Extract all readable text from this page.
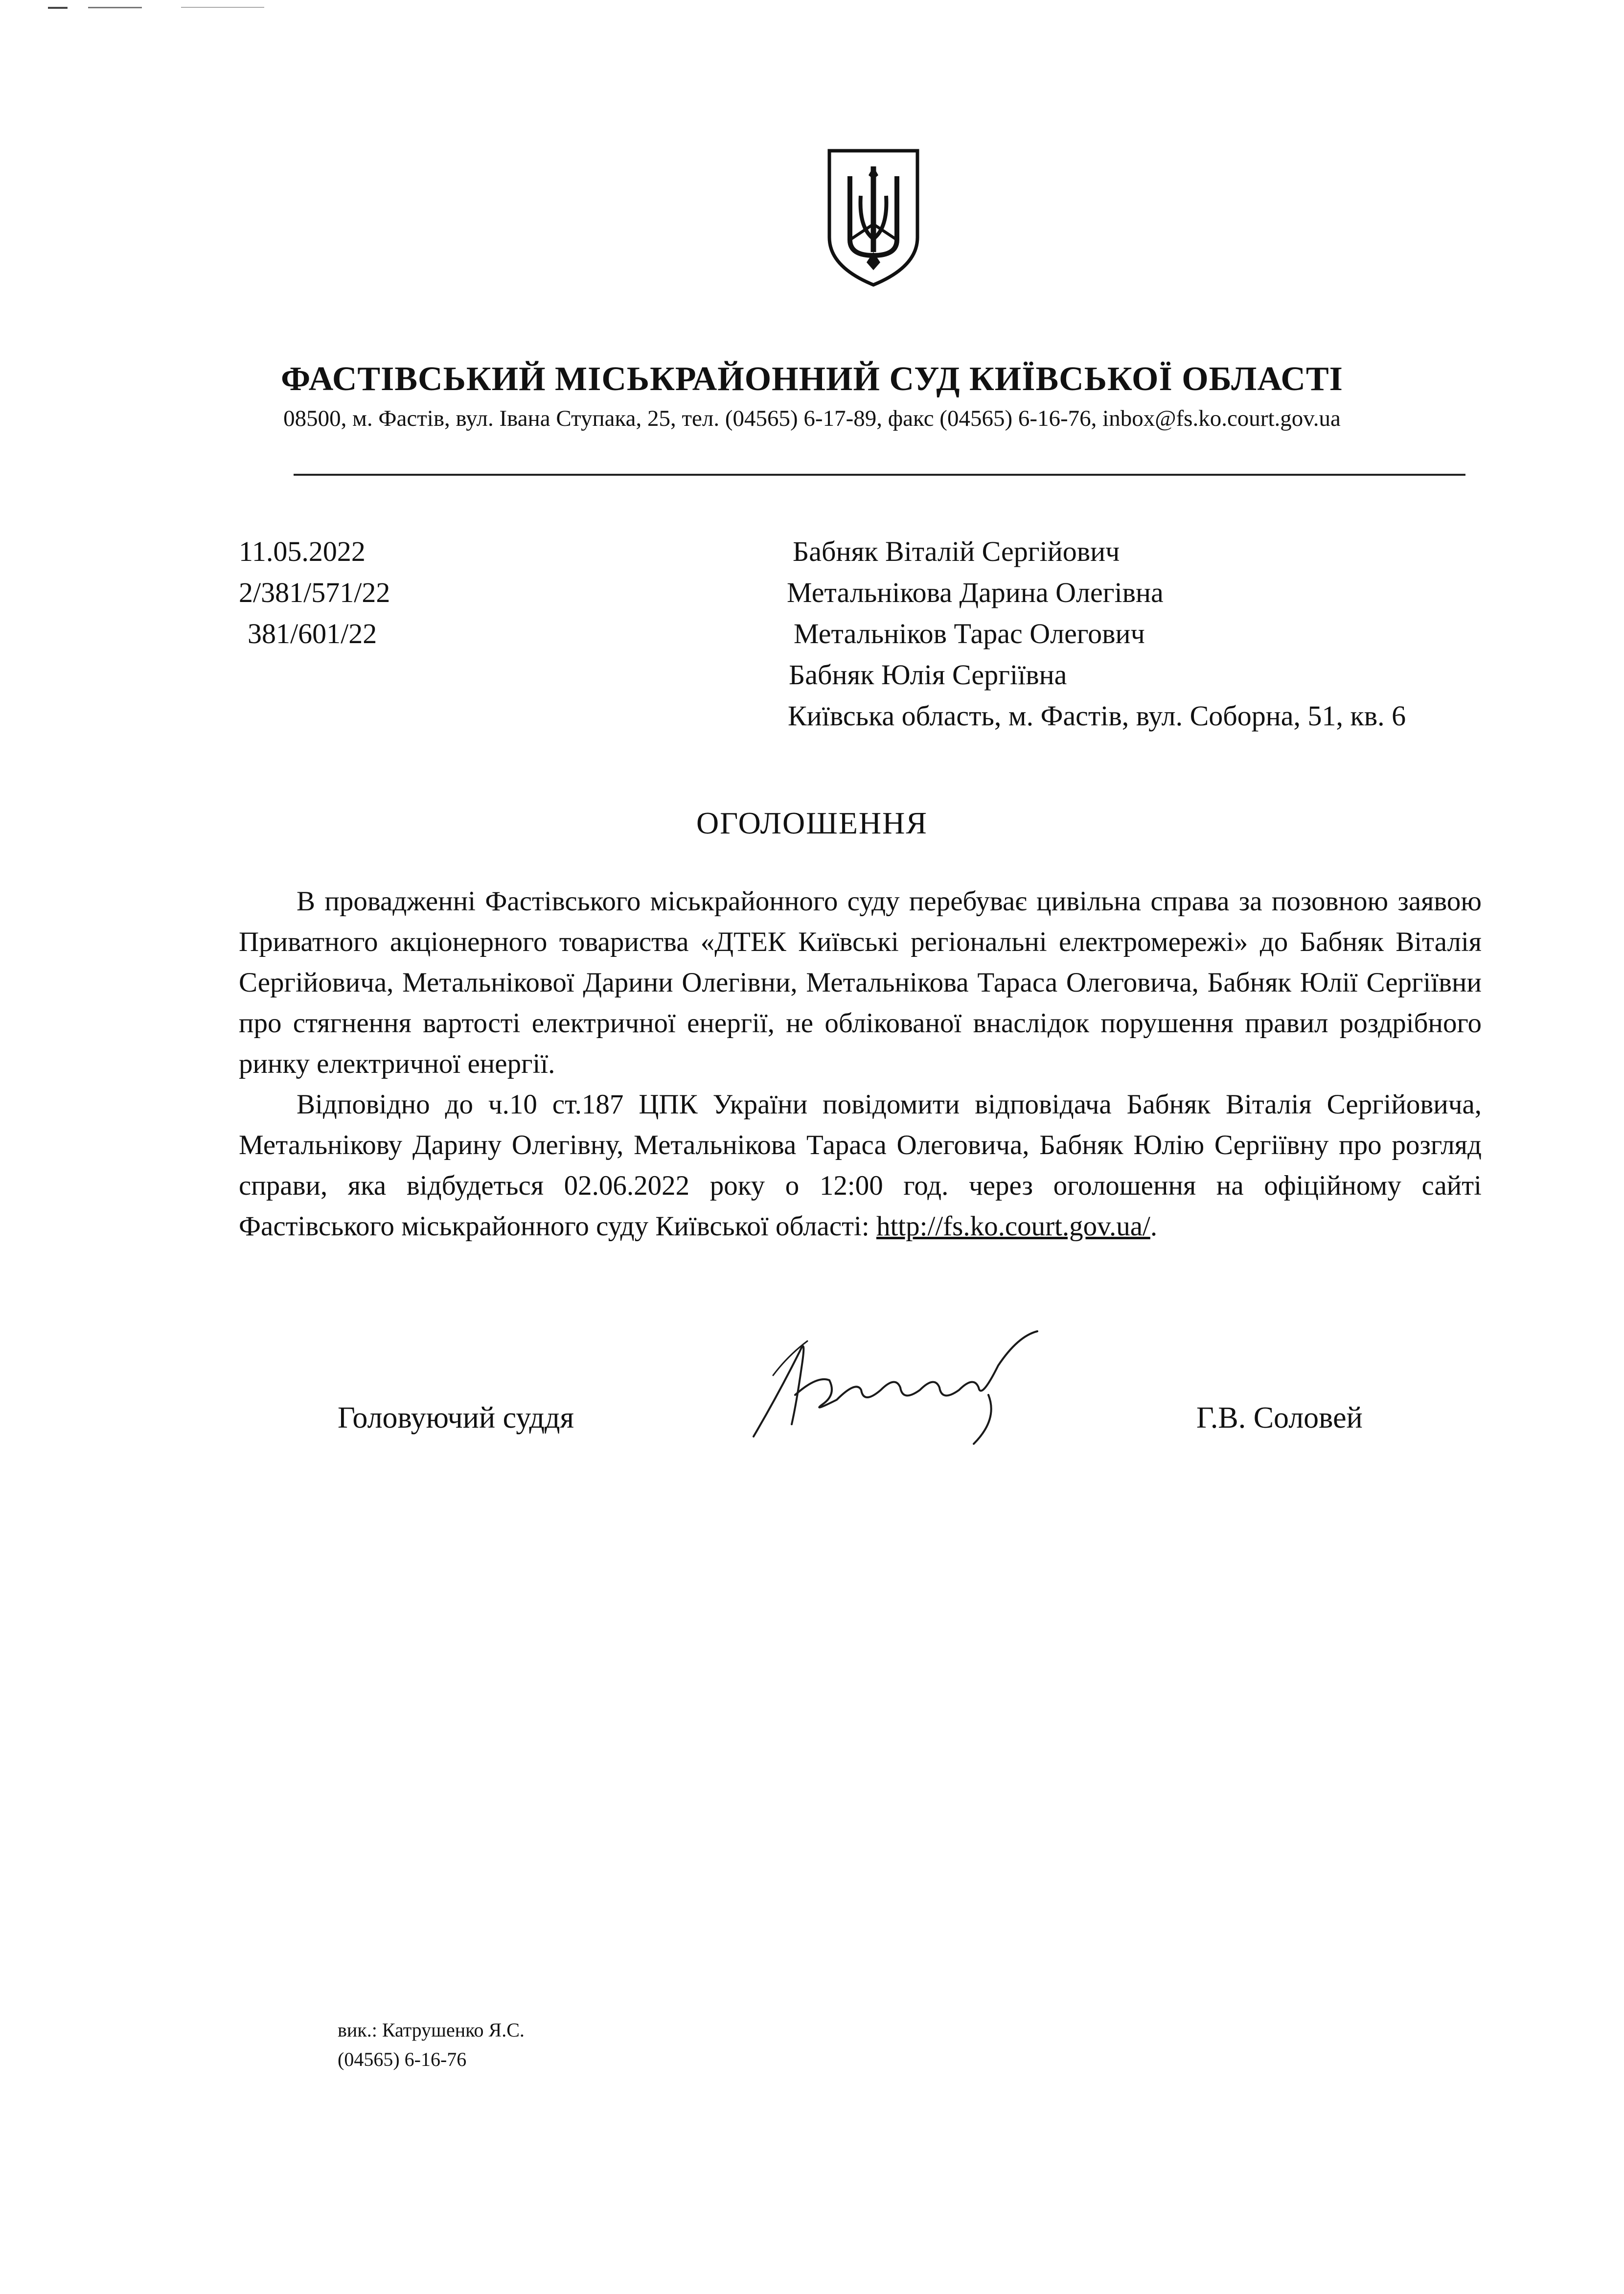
ФАСТІВСЬКИЙ МІСЬКРАЙОННИЙ СУД КИЇВСЬКОЇ ОБЛАСТІ
08500, м. Фастів, вул. Івана Ступака, 25, тел. (04565) 6-17-89, факс (04565) 6-16-76, inbox@fs.ko.court.gov.ua
11.05.2022
2/381/571/22
381/601/22
Бабняк Віталій Сергійович
Метальнікова Дарина Олегівна
Метальніков Тарас Олегович
Бабняк Юлія Сергіївна
Київська область, м. Фастів, вул. Соборна, 51, кв. 6
ОГОЛОШЕННЯ

В провадженні Фастівського міськрайонного суду перебуває цивільна справа за позовною заявою Приватного акціонерного товариства «ДТЕК Київські регіональні електромережі» до Бабняк Віталія Сергійовича, Метальнікової Дарини Олегівни, Метальнікова Тараса Олеговича, Бабняк Юлії Сергіївни про стягнення вартості електричної енергії, не облікованої внаслідок порушення правил роздрібного ринку електричної енергії.

Відповідно до ч.10 ст.187 ЦПК України повідомити відповідача Бабняк Віталія Сергійовича, Метальнікову Дарину Олегівну, Метальнікова Тараса Олеговича, Бабняк Юлію Сергіївну про розгляд справи, яка відбудеться 02.06.2022 року о 12:00 год. через оголошення на офіційному сайті Фастівського міськрайонного суду Київської області: http://fs.ko.court.gov.ua/.

Головуючий суддя	Г.В. Соловей
вик.: Катрушенко Я.С.
(04565) 6-16-76
